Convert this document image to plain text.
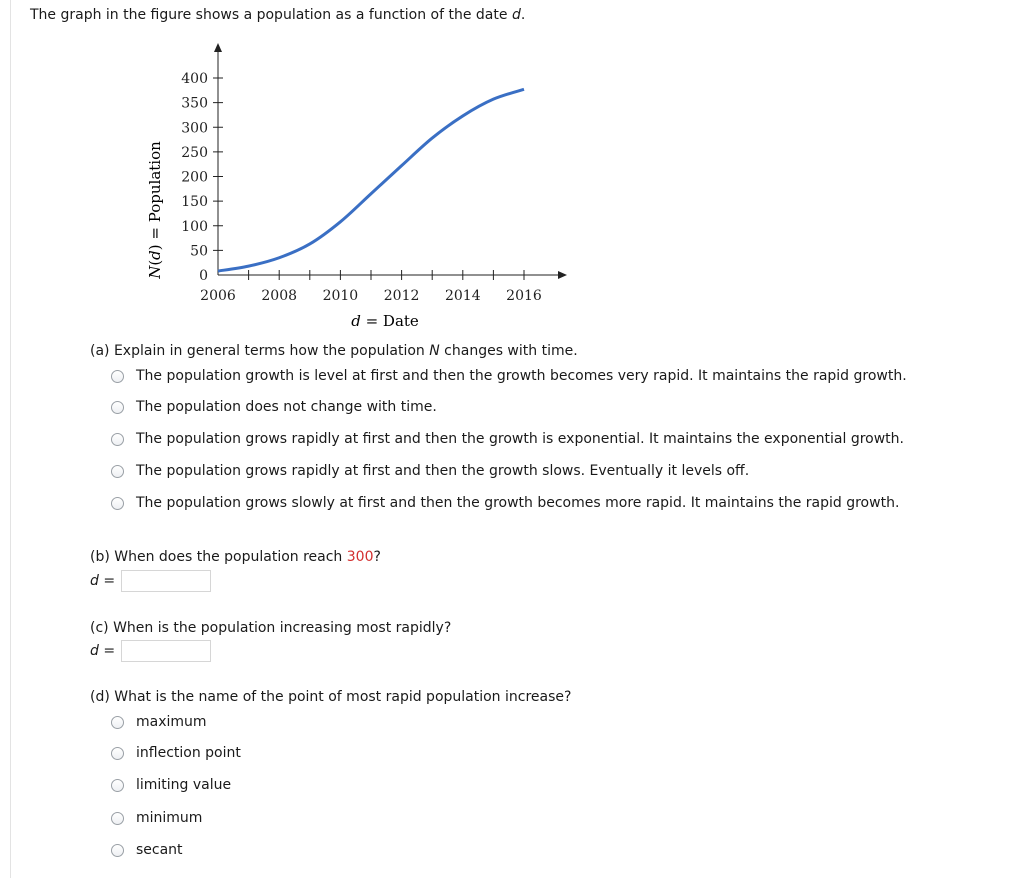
The graph in the figure shows a population as a function of the date d.
0
50
100
150
200
250
300
350
400
2006 2008 2010 2012 2014 2016
N(d) = Population
d = Date
(a) Explain in general terms how the population N changes with time.
The population growth is level at first and then the growth becomes very rapid. It maintains the rapid growth.
The population does not change with time.
The population grows rapidly at first and then the growth is exponential. It maintains the exponential growth.
The population grows rapidly at first and then the growth slows. Eventually it levels off.
The population grows slowly at first and then the growth becomes more rapid. It maintains the rapid growth.
(b) When does the population reach 300?
d =
(c) When is the population increasing most rapidly?
d =
(d) What is the name of the point of most rapid population increase?
maximum
inflection point
limiting value
minimum
secant
